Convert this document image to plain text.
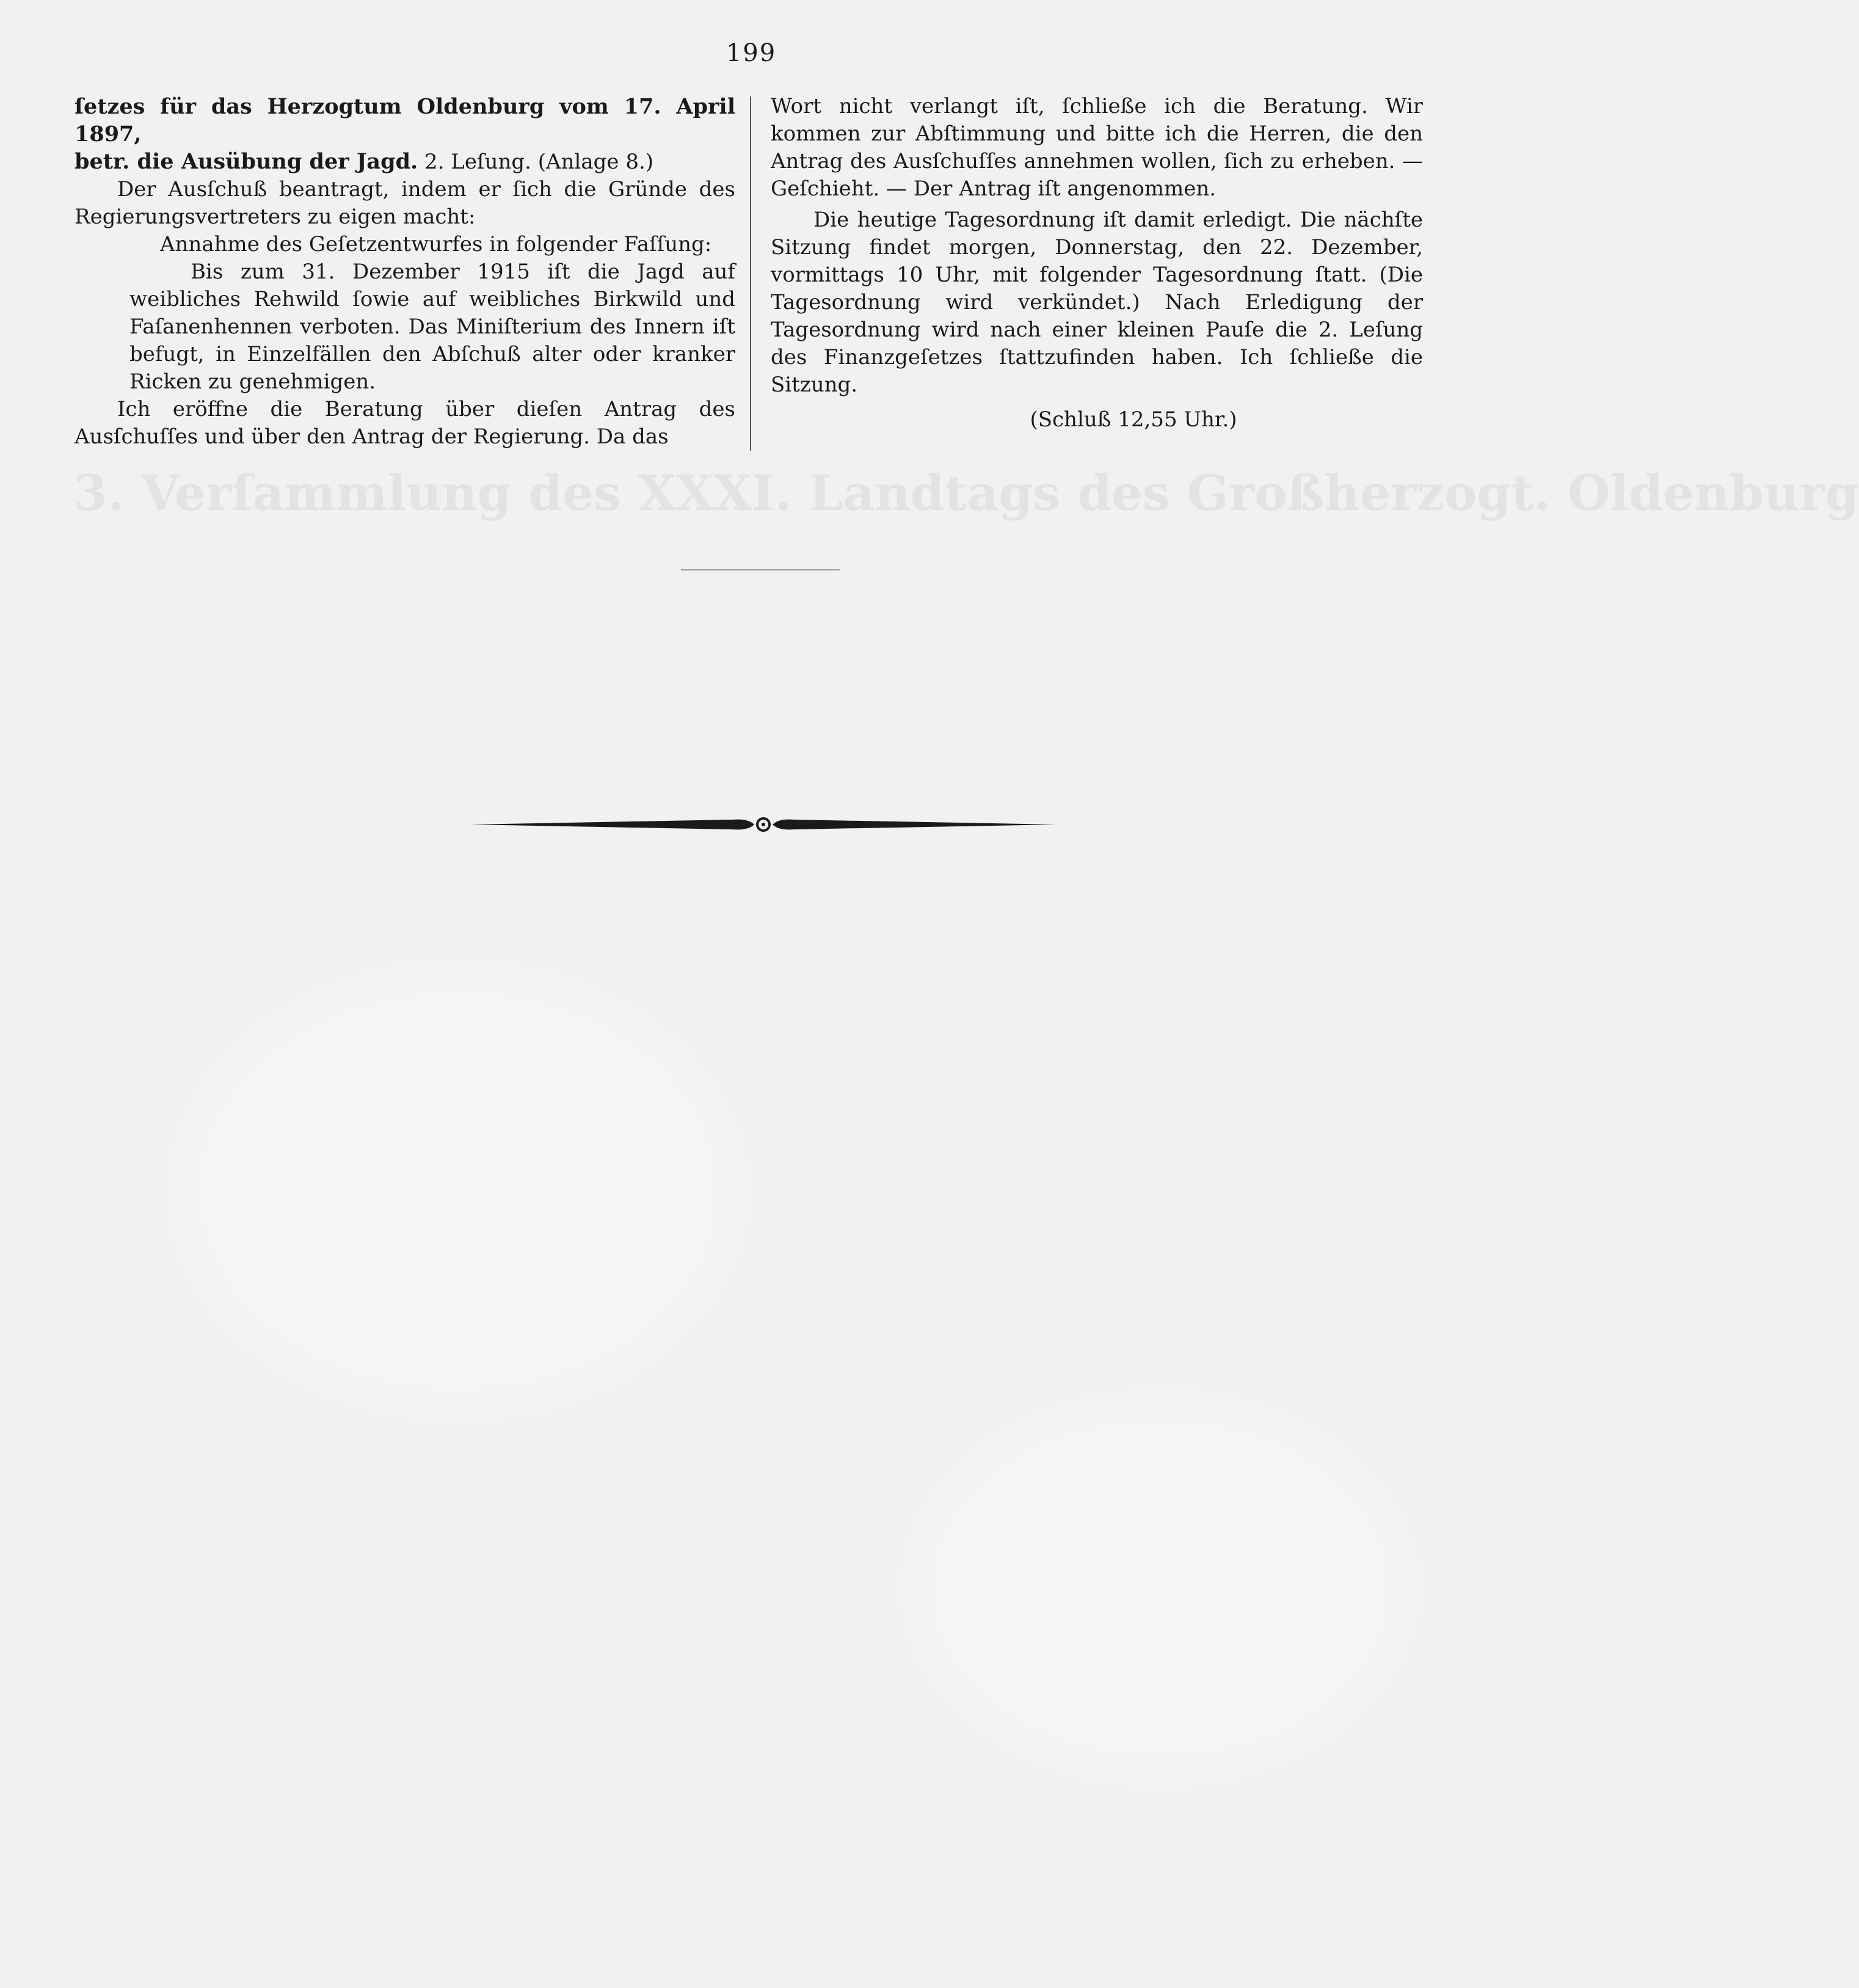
3. Verſammlung des XXXI. Landtags des Großherzogt. Oldenburg
199

ſetzes für das Herzogtum Oldenburg vom 17. April 1897,

betr. die Ausübung der Jagd. 2. Leſung. (Anlage 8.)

Der Ausſchuß beantragt, indem er ſich die Gründe des Regierungsvertreters zu eigen macht:

Annahme des Geſetzentwurfes in folgender Faſſung:

Bis zum 31. Dezember 1915 iſt die Jagd auf weibliches Rehwild ſowie auf weibliches Birkwild und Faſanenhennen verboten. Das Miniſterium des Innern iſt befugt, in Einzelfällen den Abſchuß alter oder kranker Ricken zu genehmigen.

Ich eröffne die Beratung über dieſen Antrag des Ausſchuſſes und über den Antrag der Regierung. Da das

Wort nicht verlangt iſt, ſchließe ich die Beratung. Wir kommen zur Abſtimmung und bitte ich die Herren, die den Antrag des Ausſchuſſes annehmen wollen, ſich zu erheben. — Geſchieht. — Der Antrag iſt angenommen.

Die heutige Tagesordnung iſt damit erledigt. Die nächſte Sitzung findet morgen, Donnerstag, den 22. Dezember, vormittags 10 Uhr, mit folgender Tagesordnung ſtatt. (Die Tagesordnung wird verkündet.) Nach Erledigung der Tagesordnung wird nach einer kleinen Pauſe die 2. Leſung des Finanzgeſetzes ſtattzufinden haben. Ich ſchließe die Sitzung.

(Schluß 12,55 Uhr.)
